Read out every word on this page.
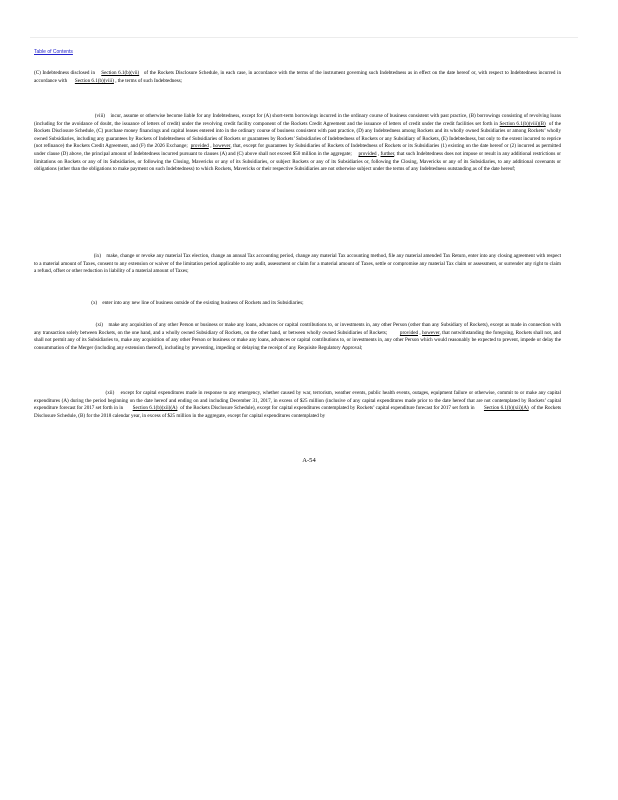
Table of Contents
(C) Indebtedness disclosed in    Section 6.1(b)(vii)   of the Rockets Disclosure Schedule, in each case, in accordance with the terms of the instrument governing such Indebtedness as in effect on the date hereof or, with respect to Indebtedness incurred in accordance with      Section 6.1(b)(viii) , the terms of such Indebtedness;
(viii)    incur, assume or otherwise become liable for any Indebtedness, except for (A) short-term borrowings incurred in the ordinary course of business consistent with past practice, (B) borrowings consisting of revolving loans (including for the avoidance of doubt, the issuance of letters of credit) under the revolving credit facility component of the Rockets Credit Agreement and the issuance of letters of credit under the credit facilities set forth in Section 6.1(b)(viii)(B)  of the Rockets Disclosure Schedule, (C) purchase money financings and capital leases entered into in the ordinary course of business consistent with past practice, (D) any Indebtedness among Rockets and its wholly owned Subsidiaries or among Rockets’ wholly owned Subsidiaries, including any guarantees by Rockets of Indebtedness of Subsidiaries of Rockets or guarantees by Rockets’ Subsidiaries of Indebtedness of Rockets or any Subsidiary of Rockets, (E) Indebtedness, but only to the extent incurred to reprice (not refinance) the Rockets Credit Agreement, and (F) the 2026 Exchange;  provided , however, that, except for guarantees by Subsidiaries of Rockets of Indebtedness of Rockets or its Subsidiaries (1) existing on the date hereof or (2) incurred as permitted under clause (D) above, the principal amount of Indebtedness incurred pursuant to clauses (A) and (C) above shall not exceed $50 million in the aggregate;     provided , further, that such Indebtedness does not impose or result in any additional restrictions or limitations on Rockets or any of its Subsidiaries, or following the Closing, Mavericks or any of its Subsidiaries, or subject Rockets or any of its Subsidiaries or, following the Closing, Mavericks or any of its Subsidiaries, to any additional covenants or obligations (other than the obligations to make payment on such Indebtedness) to which Rockets, Mavericks or their respective Subsidiaries are not otherwise subject under the terms of any Indebtedness outstanding as of the date hereof;
(ix)    make, change or revoke any material Tax election, change an annual Tax accounting period, change any material Tax accounting method, file any material amended Tax Return, enter into any closing agreement with respect to a material amount of Taxes, consent to any extension or waiver of the limitation period applicable to any audit, assessment or claim for a material amount of Taxes, settle or compromise any material Tax claim or assessment, or surrender any right to claim a refund, offset or other reduction in liability of a material amount of Taxes;
(x)    enter into any new line of business outside of the existing business of Rockets and its Subsidiaries;
(xi)    make any acquisition of any other Person or business or make any loans, advances or capital contributions to, or investments in, any other Person (other than any Subsidiary of Rockets), except as made in connection with any transaction solely between Rockets, on the one hand, and a wholly owned Subsidiary of Rockets, on the other hand, or between wholly owned Subsidiaries of Rockets;         provided , however, that notwithstanding the foregoing, Rockets shall not, and shall not permit any of its Subsidiaries to, make any acquisition of any other Person or business or make any loans, advances or capital contributions to, or investments in, any other Person which would reasonably be expected to prevent, impede or delay the consummation of the Merger (including any extension thereof), including by preventing, impeding or delaying the receipt of any Requisite Regulatory Approval;
(xii)    except for capital expenditures made in response to any emergency, whether caused by war, terrorism, weather events, public health events, outages, equipment failure or otherwise, commit to or make any capital expenditures (A) during the period beginning on the date hereof and ending on and including December 31, 2017, in excess of $25 million (inclusive of any capital expenditures made prior to the date hereof that are not contemplated by Rockets’ capital expenditure forecast for 2017 set forth in in       Section 6.1(b)(xii)(A)  of the Rockets Disclosure Schedule), except for capital expenditures contemplated by Rockets’ capital expenditure forecast for 2017 set forth in       Section 6.1(b)(xii)(A)  of the Rockets Disclosure Schedule, (B) for the 2018 calendar year, in excess of $25 million in the aggregate, except for capital expenditures contemplated by
A-54
